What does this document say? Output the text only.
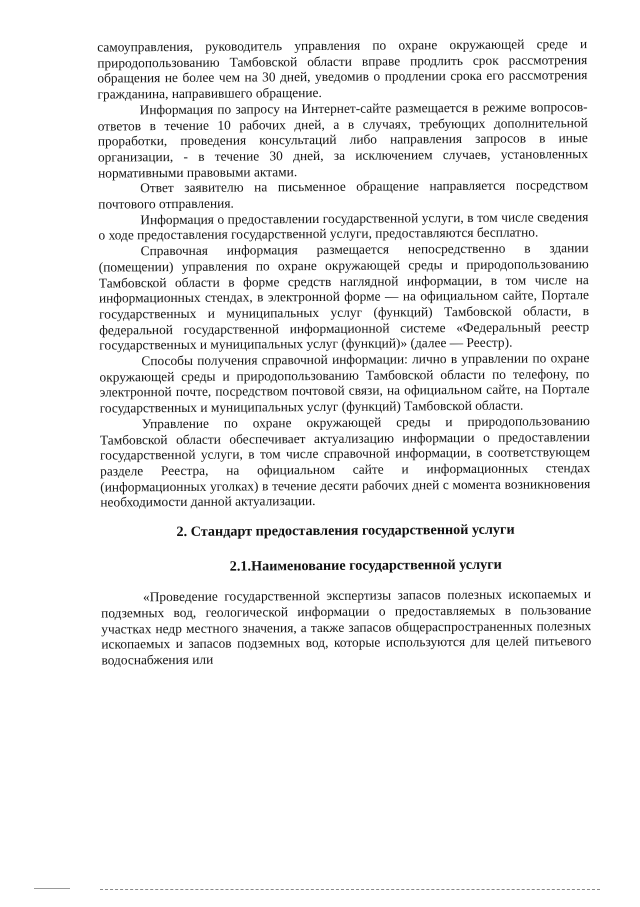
самоуправления, руководитель управления по охране окружающей среде и природопользованию Тамбовской области вправе продлить срок рассмотрения обращения не более чем на 30 дней, уведомив о продлении срока его рассмотрения гражданина, направившего обращение.

Информация по запросу на Интернет-сайте размещается в режиме вопросов-ответов в течение 10 рабочих дней, а в случаях, требующих дополнительной проработки, проведения консультаций либо направления запросов в иные организации, - в течение 30 дней, за исключением случаев, установленных нормативными правовыми актами.

Ответ заявителю на письменное обращение направляется посредством почтового отправления.

Информация о предоставлении государственной услуги, в том числе сведения о ходе предоставления государственной услуги, предоставляются бесплатно.

Справочная информация размещается непосредственно в здании (помещении) управления по охране окружающей среды и природопользованию Тамбовской области в форме средств наглядной информации, в том числе на информационных стендах, в электронной форме — на официальном сайте, Портале государственных и муниципальных услуг (функций) Тамбовской области, в федеральной государственной информационной системе «Федеральный реестр государственных и муниципальных услуг (функций)» (далее — Реестр).

Способы получения справочной информации: лично в управлении по охране окружающей среды и природопользованию Тамбовской области по телефону, по электронной почте, посредством почтовой связи, на официальном сайте, на Портале государственных и муниципальных услуг (функций) Тамбовской области.

Управление по охране окружающей среды и природопользованию Тамбовской области обеспечивает актуализацию информации о предоставлении государственной услуги, в том числе справочной информации, в соответствующем разделе Реестра, на официальном сайте и информационных стендах (информационных уголках) в течение десяти рабочих дней с момента возникновения необходимости данной актуализации.

2. Стандарт предоставления государственной услуги
2.1.Наименование государственной услуги

«Проведение государственной экспертизы запасов полезных ископаемых и подземных вод, геологической информации о предоставляемых в пользование участках недр местного значения, а также запасов общераспространенных полезных ископаемых и запасов подземных вод, которые используются для целей питьевого водоснабжения или
